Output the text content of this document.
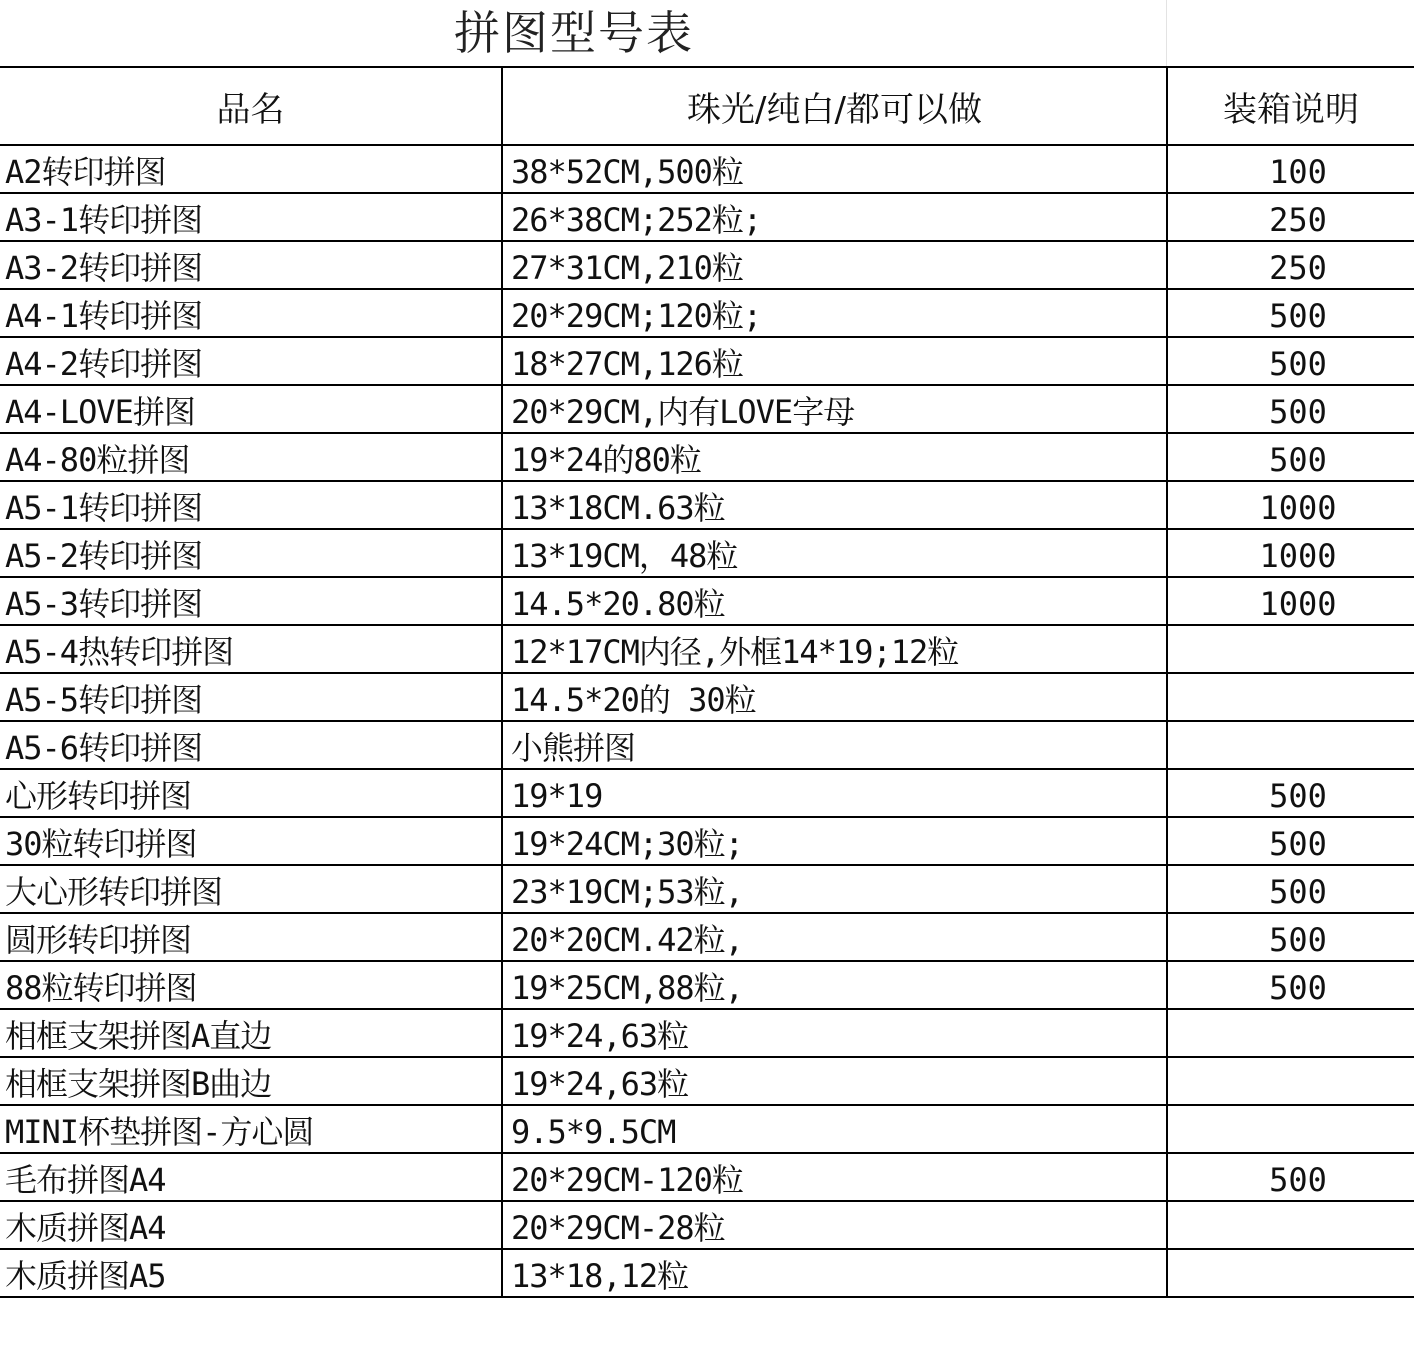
拼图型号表
品名	珠光/纯白/都可以做	装箱说明
A2转印拼图	38*52CM,500粒	100
A3-1转印拼图	26*38CM;252粒;	250
A3-2转印拼图	27*31CM,210粒	250
A4-1转印拼图	20*29CM;120粒;	500
A4-2转印拼图	18*27CM,126粒	500
A4-LOVE拼图	20*29CM,内有LOVE字母	500
A4-80粒拼图	19*24的80粒	500
A5-1转印拼图	13*18CM.63粒	1000
A5-2转印拼图	13*19CM，48粒	1000
A5-3转印拼图	14.5*20.80粒	1000
A5-4热转印拼图	12*17CM内径,外框14*19;12粒	
A5-5转印拼图	14.5*20的 30粒	
A5-6转印拼图	小熊拼图	
心形转印拼图	19*19	500
30粒转印拼图	19*24CM;30粒;	500
大心形转印拼图	23*19CM;53粒,	500
圆形转印拼图	20*20CM.42粒,	500
88粒转印拼图	19*25CM,88粒,	500
相框支架拼图A直边	19*24,63粒	
相框支架拼图B曲边	19*24,63粒	
MINI杯垫拼图-方心圆	9.5*9.5CM	
毛布拼图A4	20*29CM-120粒	500
木质拼图A4	20*29CM-28粒	
木质拼图A5	13*18,12粒	
